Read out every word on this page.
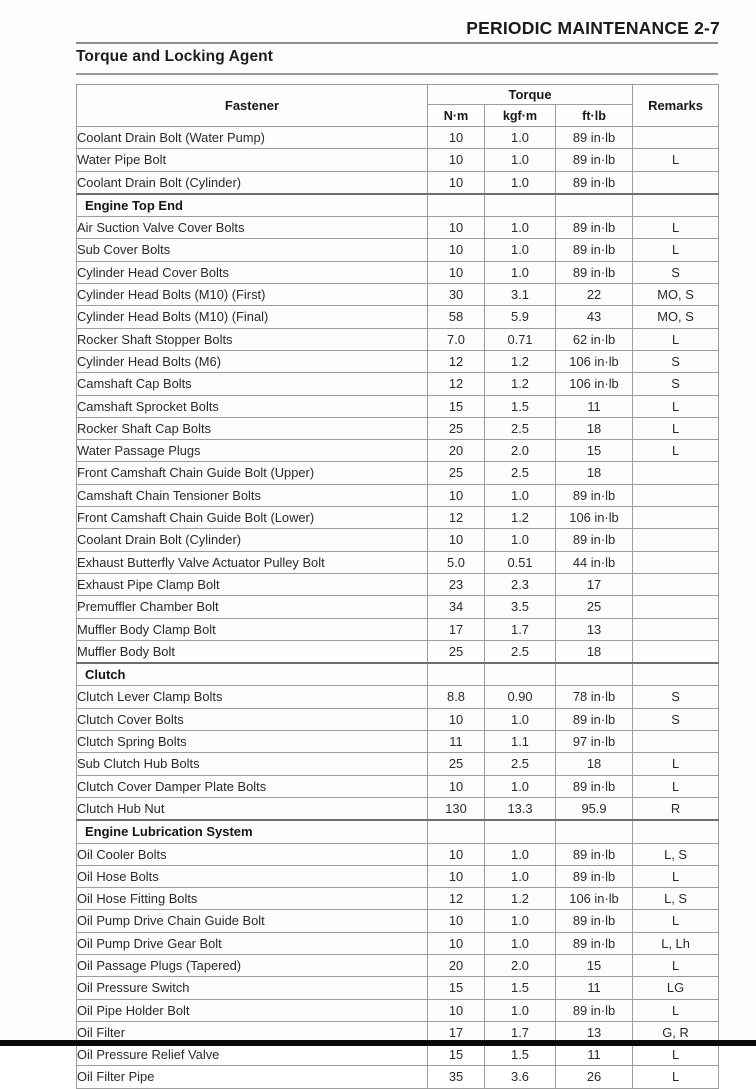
PERIODIC MAINTENANCE 2-7
Torque and Locking Agent
Fastener	Torque			Remarks
	N·m	kgf·m	ft·lb	
Coolant Drain Bolt (Water Pump)	10	1.0	89 in·lb	
Water Pipe Bolt	10	1.0	89 in·lb	L
Coolant Drain Bolt (Cylinder)	10	1.0	89 in·lb	
Engine Top End				
Air Suction Valve Cover Bolts	10	1.0	89 in·lb	L
Sub Cover Bolts	10	1.0	89 in·lb	L
Cylinder Head Cover Bolts	10	1.0	89 in·lb	S
Cylinder Head Bolts (M10) (First)	30	3.1	22	MO, S
Cylinder Head Bolts (M10) (Final)	58	5.9	43	MO, S
Rocker Shaft Stopper Bolts	7.0	0.71	62 in·lb	L
Cylinder Head Bolts (M6)	12	1.2	106 in·lb	S
Camshaft Cap Bolts	12	1.2	106 in·lb	S
Camshaft Sprocket Bolts	15	1.5	11	L
Rocker Shaft Cap Bolts	25	2.5	18	L
Water Passage Plugs	20	2.0	15	L
Front Camshaft Chain Guide Bolt (Upper)	25	2.5	18	
Camshaft Chain Tensioner Bolts	10	1.0	89 in·lb	
Front Camshaft Chain Guide Bolt (Lower)	12	1.2	106 in·lb	
Coolant Drain Bolt (Cylinder)	10	1.0	89 in·lb	
Exhaust Butterfly Valve Actuator Pulley Bolt	5.0	0.51	44 in·lb	
Exhaust Pipe Clamp Bolt	23	2.3	17	
Premuffler Chamber Bolt	34	3.5	25	
Muffler Body Clamp Bolt	17	1.7	13	
Muffler Body Bolt	25	2.5	18	
Clutch				
Clutch Lever Clamp Bolts	8.8	0.90	78 in·lb	S
Clutch Cover Bolts	10	1.0	89 in·lb	S
Clutch Spring Bolts	11	1.1	97 in·lb	
Sub Clutch Hub Bolts	25	2.5	18	L
Clutch Cover Damper Plate Bolts	10	1.0	89 in·lb	L
Clutch Hub Nut	130	13.3	95.9	R
Engine Lubrication System				
Oil Cooler Bolts	10	1.0	89 in·lb	L, S
Oil Hose Bolts	10	1.0	89 in·lb	L
Oil Hose Fitting Bolts	12	1.2	106 in·lb	L, S
Oil Pump Drive Chain Guide Bolt	10	1.0	89 in·lb	L
Oil Pump Drive Gear Bolt	10	1.0	89 in·lb	L, Lh
Oil Passage Plugs (Tapered)	20	2.0	15	L
Oil Pressure Switch	15	1.5	11	LG
Oil Pipe Holder Bolt	10	1.0	89 in·lb	L
Oil Filter	17	1.7	13	G, R
Oil Pressure Relief Valve	15	1.5	11	L
Oil Filter Pipe	35	3.6	26	L
